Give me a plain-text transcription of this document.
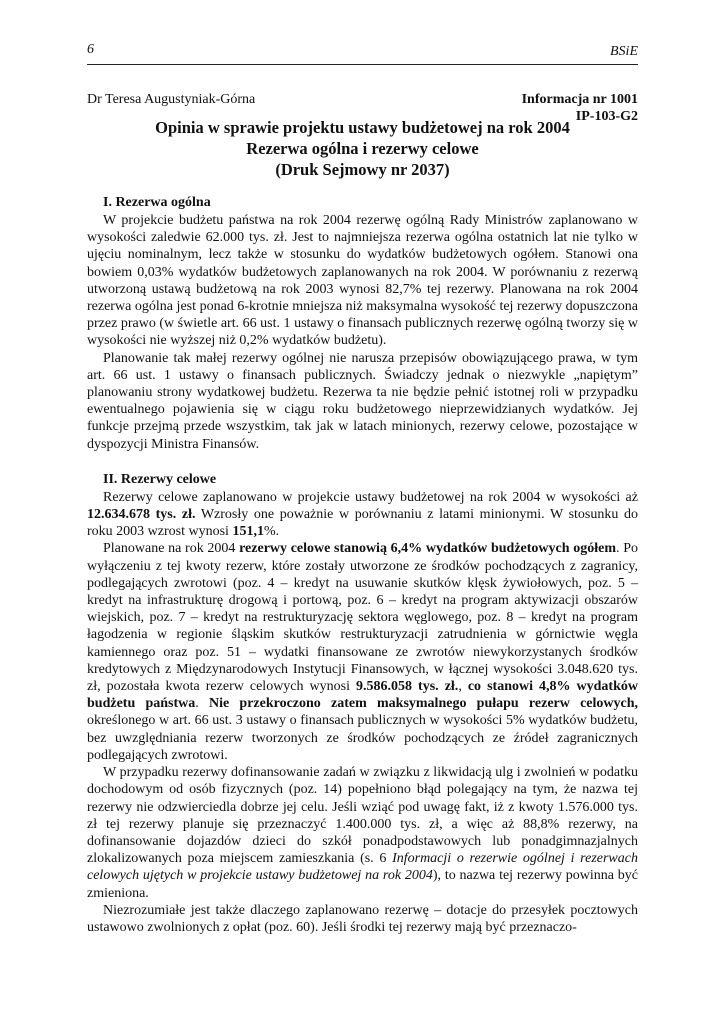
6	BSiE
Dr Teresa Augustyniak-Górna	Informacja nr 1001
IP-103-G2
Opinia w sprawie projektu ustawy budżetowej na rok 2004
Rezerwa ogólna i rezerwy celowe
(Druk Sejmowy nr 2037)
I. Rezerwa ogólna

W projekcie budżetu państwa na rok 2004 rezerwę ogólną Rady Ministrów zaplanowano w wysokości zaledwie 62.000 tys. zł. Jest to najmniejsza rezerwa ogólna ostatnich lat nie tylko w ujęciu nominalnym, lecz także w stosunku do wydatków budżetowych ogółem. Stanowi ona bowiem 0,03% wydatków budżetowych zaplanowanych na rok 2004. W porównaniu z rezerwą utworzoną ustawą budżetową na rok 2003 wynosi 82,7% tej rezerwy. Planowana na rok 2004 rezerwa ogólna jest ponad 6-krotnie mniejsza niż maksymalna wysokość tej rezerwy dopuszczona przez prawo (w świetle art. 66 ust. 1 ustawy o finansach publicznych rezerwę ogólną tworzy się w wysokości nie wyższej niż 0,2% wydatków budżetu).

Planowanie tak małej rezerwy ogólnej nie narusza przepisów obowiązującego prawa, w tym art. 66 ust. 1 ustawy o finansach publicznych. Świadczy jednak o niezwykle „napiętym” planowaniu strony wydatkowej budżetu. Rezerwa ta nie będzie pełnić istotnej roli w przypadku ewentualnego pojawienia się w ciągu roku budżetowego nieprzewidzianych wydatków. Jej funkcje przejmą przede wszystkim, tak jak w latach minionych, rezerwy celowe, pozostające w dyspozycji Ministra Finansów.

II. Rezerwy celowe

Rezerwy celowe zaplanowano w projekcie ustawy budżetowej na rok 2004 w wysokości aż 12.634.678 tys. zł. Wzrosły one poważnie w porównaniu z latami minionymi. W stosunku do roku 2003 wzrost wynosi 151,1%.

Planowane na rok 2004 rezerwy celowe stanowią 6,4% wydatków budżetowych ogółem. Po wyłączeniu z tej kwoty rezerw, które zostały utworzone ze środków pochodzących z zagranicy, podlegających zwrotowi (poz. 4 – kredyt na usuwanie skutków klęsk żywiołowych, poz. 5 – kredyt na infrastrukturę drogową i portową, poz. 6 – kredyt na program aktywizacji obszarów wiejskich, poz. 7 – kredyt na restrukturyzację sektora węglowego, poz. 8 – kredyt na program łagodzenia w regionie śląskim skutków restrukturyzacji zatrudnienia w górnictwie węgla kamiennego oraz poz. 51 – wydatki finansowane ze zwrotów niewykorzystanych środków kredytowych z Międzynarodowych Instytucji Finansowych, w łącznej wysokości 3.048.620 tys. zł, pozostała kwota rezerw celowych wynosi 9.586.058 tys. zł., co stanowi 4,8% wydatków budżetu państwa. Nie przekroczono zatem maksymalnego pułapu rezerw celowych, określonego w art. 66 ust. 3 ustawy o finansach publicznych w wysokości 5% wydatków budżetu, bez uwzględniania rezerw tworzonych ze środków pochodzących ze źródeł zagranicznych podlegających zwrotowi.

W przypadku rezerwy dofinansowanie zadań w związku z likwidacją ulg i zwolnień w podatku dochodowym od osób fizycznych (poz. 14) popełniono błąd polegający na tym, że nazwa tej rezerwy nie odzwierciedla dobrze jej celu. Jeśli wziąć pod uwagę fakt, iż z kwoty 1.576.000 tys. zł tej rezerwy planuje się przeznaczyć 1.400.000 tys. zł, a więc aż 88,8% rezerwy, na dofinansowanie dojazdów dzieci do szkół ponadpodstawowych lub ponadgimnazjalnych zlokalizowanych poza miejscem zamieszkania (s. 6 Informacji o rezerwie ogólnej i rezerwach celowych ujętych w projekcie ustawy budżetowej na rok 2004), to nazwa tej rezerwy powinna być zmieniona.

Niezrozumiałe jest także dlaczego zaplanowano rezerwę – dotacje do przesyłek pocztowych ustawowo zwolnionych z opłat (poz. 60). Jeśli środki tej rezerwy mają być przeznaczo-
